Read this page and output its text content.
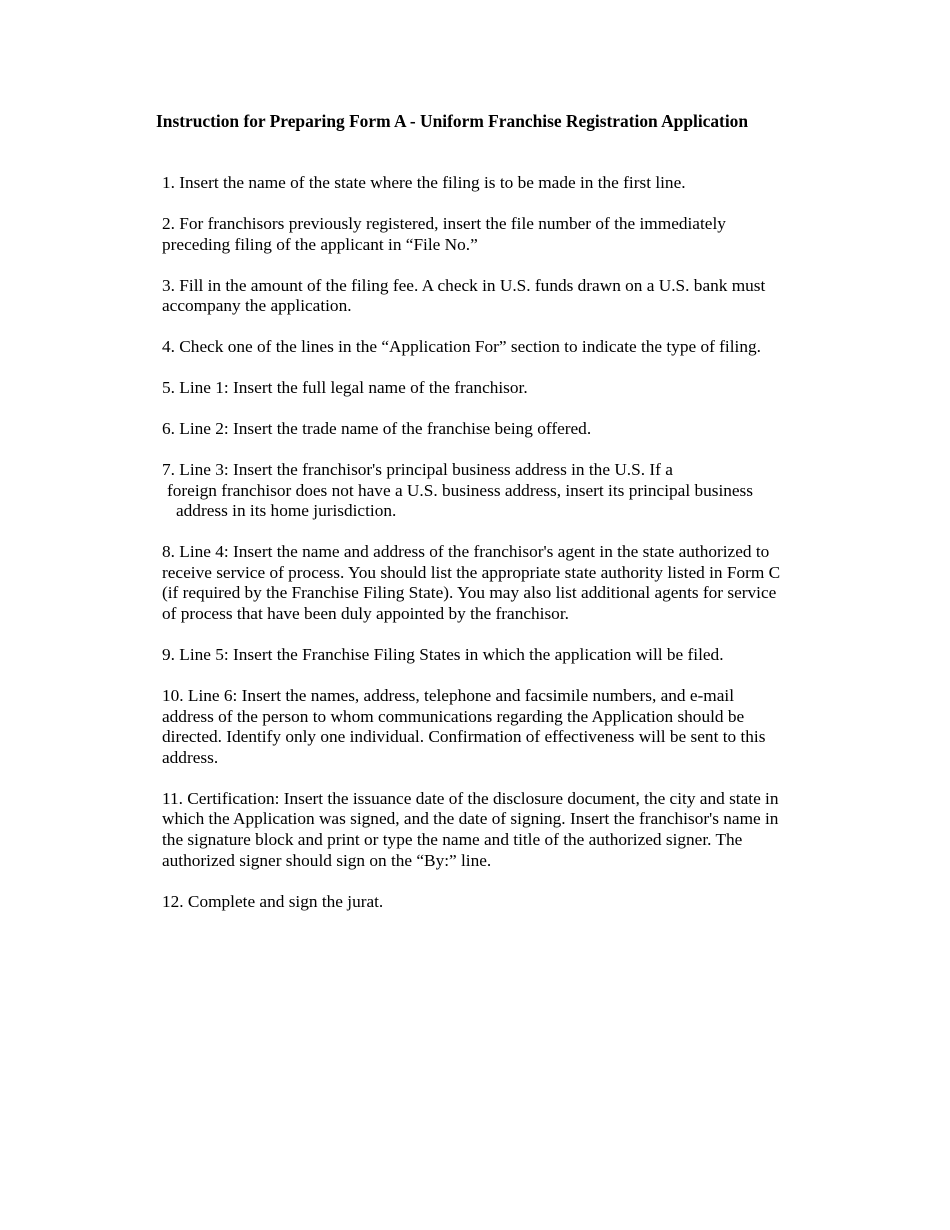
Instruction for Preparing Form A - Uniform Franchise Registration Application
1. Insert the name of the state where the filing is to be made in the first line.
2. For franchisors previously registered, insert the file number of the immediately
preceding filing of the applicant in “File No.”
3. Fill in the amount of the filing fee. A check in U.S. funds drawn on a U.S. bank must
accompany the application.
4. Check one of the lines in the “Application For” section to indicate the type of filing.
5. Line 1: Insert the full legal name of the franchisor.
6. Line 2: Insert the trade name of the franchise being offered.
7. Line 3: Insert the franchisor's principal business address in the U.S. If a
foreign franchisor does not have a U.S. business address, insert its principal business
address in its home jurisdiction.
8. Line 4: Insert the name and address of the franchisor's agent in the state authorized to
receive service of process. You should list the appropriate state authority listed in Form C
(if required by the Franchise Filing State). You may also list additional agents for service
of process that have been duly appointed by the franchisor.
9. Line 5: Insert the Franchise Filing States in which the application will be filed.
10. Line 6: Insert the names, address, telephone and facsimile numbers, and e-mail
address of the person to whom communications regarding the Application should be
directed. Identify only one individual. Confirmation of effectiveness will be sent to this
address.
11. Certification: Insert the issuance date of the disclosure document, the city and state in
which the Application was signed, and the date of signing. Insert the franchisor's name in
the signature block and print or type the name and title of the authorized signer. The
authorized signer should sign on the “By:” line.
12. Complete and sign the jurat.
